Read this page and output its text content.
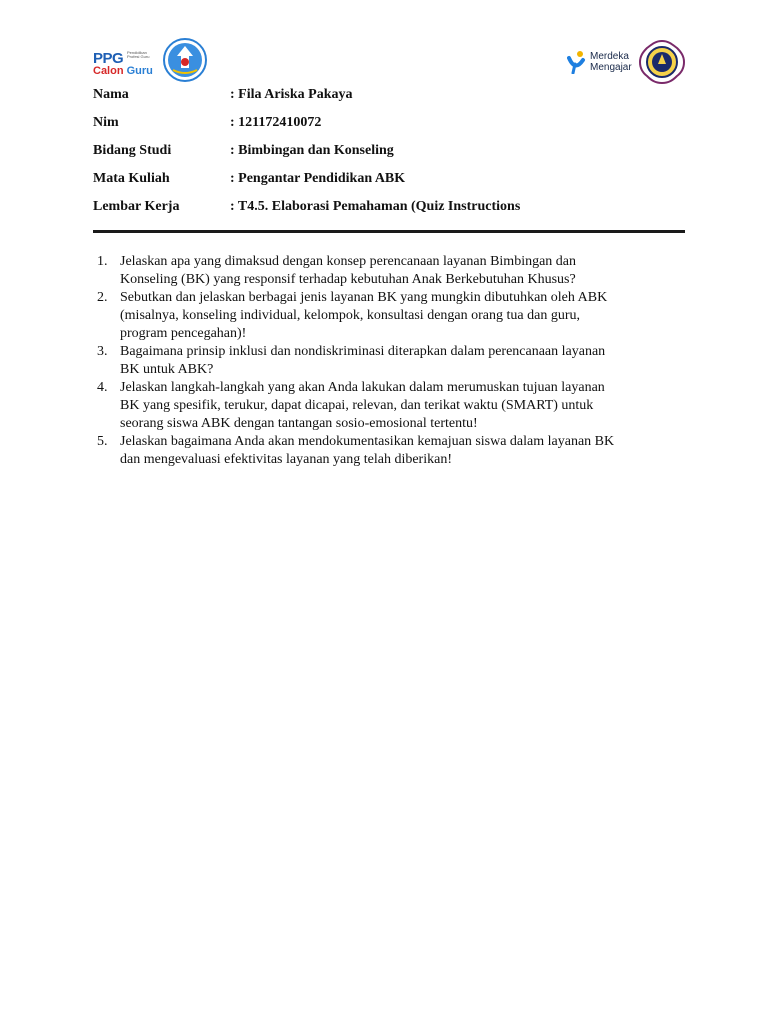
PPG Pendidikan Profesi Guru
Calon Guru
Merdeka
Mengajar
Nama	: Fila Ariska Pakaya
Nim	: 121172410072
Bidang Studi	: Bimbingan dan Konseling
Mata Kuliah	: Pengantar Pendidikan ABK
Lembar Kerja	: T4.5. Elaborasi Pemahaman (Quiz Instructions
1. Jelaskan apa yang dimaksud dengan konsep perencanaan layanan Bimbingan dan
Konseling (BK) yang responsif terhadap kebutuhan Anak Berkebutuhan Khusus?
2. Sebutkan dan jelaskan berbagai jenis layanan BK yang mungkin dibutuhkan oleh ABK
(misalnya, konseling individual, kelompok, konsultasi dengan orang tua dan guru,
program pencegahan)!
3. Bagaimana prinsip inklusi dan nondiskriminasi diterapkan dalam perencanaan layanan
BK untuk ABK?
4. Jelaskan langkah-langkah yang akan Anda lakukan dalam merumuskan tujuan layanan
BK yang spesifik, terukur, dapat dicapai, relevan, dan terikat waktu (SMART) untuk
seorang siswa ABK dengan tantangan sosio-emosional tertentu!
5. Jelaskan bagaimana Anda akan mendokumentasikan kemajuan siswa dalam layanan BK
dan mengevaluasi efektivitas layanan yang telah diberikan!
